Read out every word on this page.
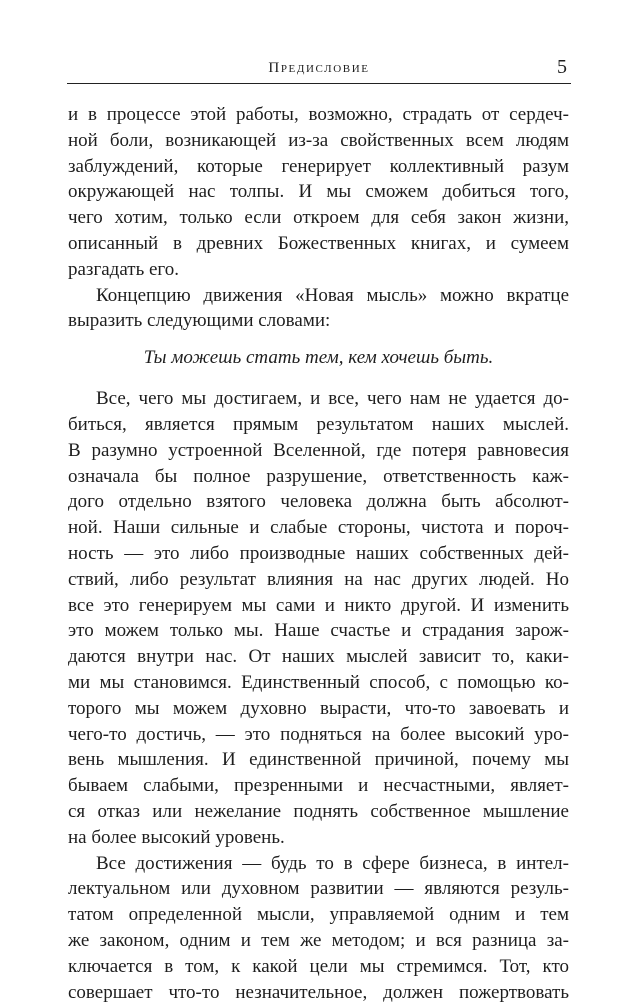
Предисловие	5
и в процессе этой работы, возможно, страдать от сердеч-
ной боли, возникающей из-за свойственных всем людям
заблуждений, которые генерирует коллективный разум
окружающей нас толпы. И мы сможем добиться того,
чего хотим, только если откроем для себя закон жизни,
описанный в древних Божественных книгах, и сумеем
разгадать его.
Концепцию движения «Новая мысль» можно вкратце
выразить следующими словами:
Ты можешь стать тем, кем хочешь быть.
Все, чего мы достигаем, и все, чего нам не удается до-
биться, является прямым результатом наших мыслей.
В разумно устроенной Вселенной, где потеря равновесия
означала бы полное разрушение, ответственность каж-
дого отдельно взятого человека должна быть абсолют-
ной. Наши сильные и слабые стороны, чистота и пороч-
ность — это либо производные наших собственных дей-
ствий, либо результат влияния на нас других людей. Но
все это генерируем мы сами и никто другой. И изменить
это можем только мы. Наше счастье и страдания зарож-
даются внутри нас. От наших мыслей зависит то, каки-
ми мы становимся. Единственный способ, с помощью ко-
торого мы можем духовно вырасти, что-то завоевать и
чего-то достичь, — это подняться на более высокий уро-
вень мышления. И единственной причиной, почему мы
бываем слабыми, презренными и несчастными, являет-
ся отказ или нежелание поднять собственное мышление
на более высокий уровень.
Все достижения — будь то в сфере бизнеса, в интел-
лектуальном или духовном развитии — являются резуль-
татом определенной мысли, управляемой одним и тем
же законом, одним и тем же методом; и вся разница за-
ключается в том, к какой цели мы стремимся. Тот, кто
совершает что-то незначительное, должен пожертвовать
